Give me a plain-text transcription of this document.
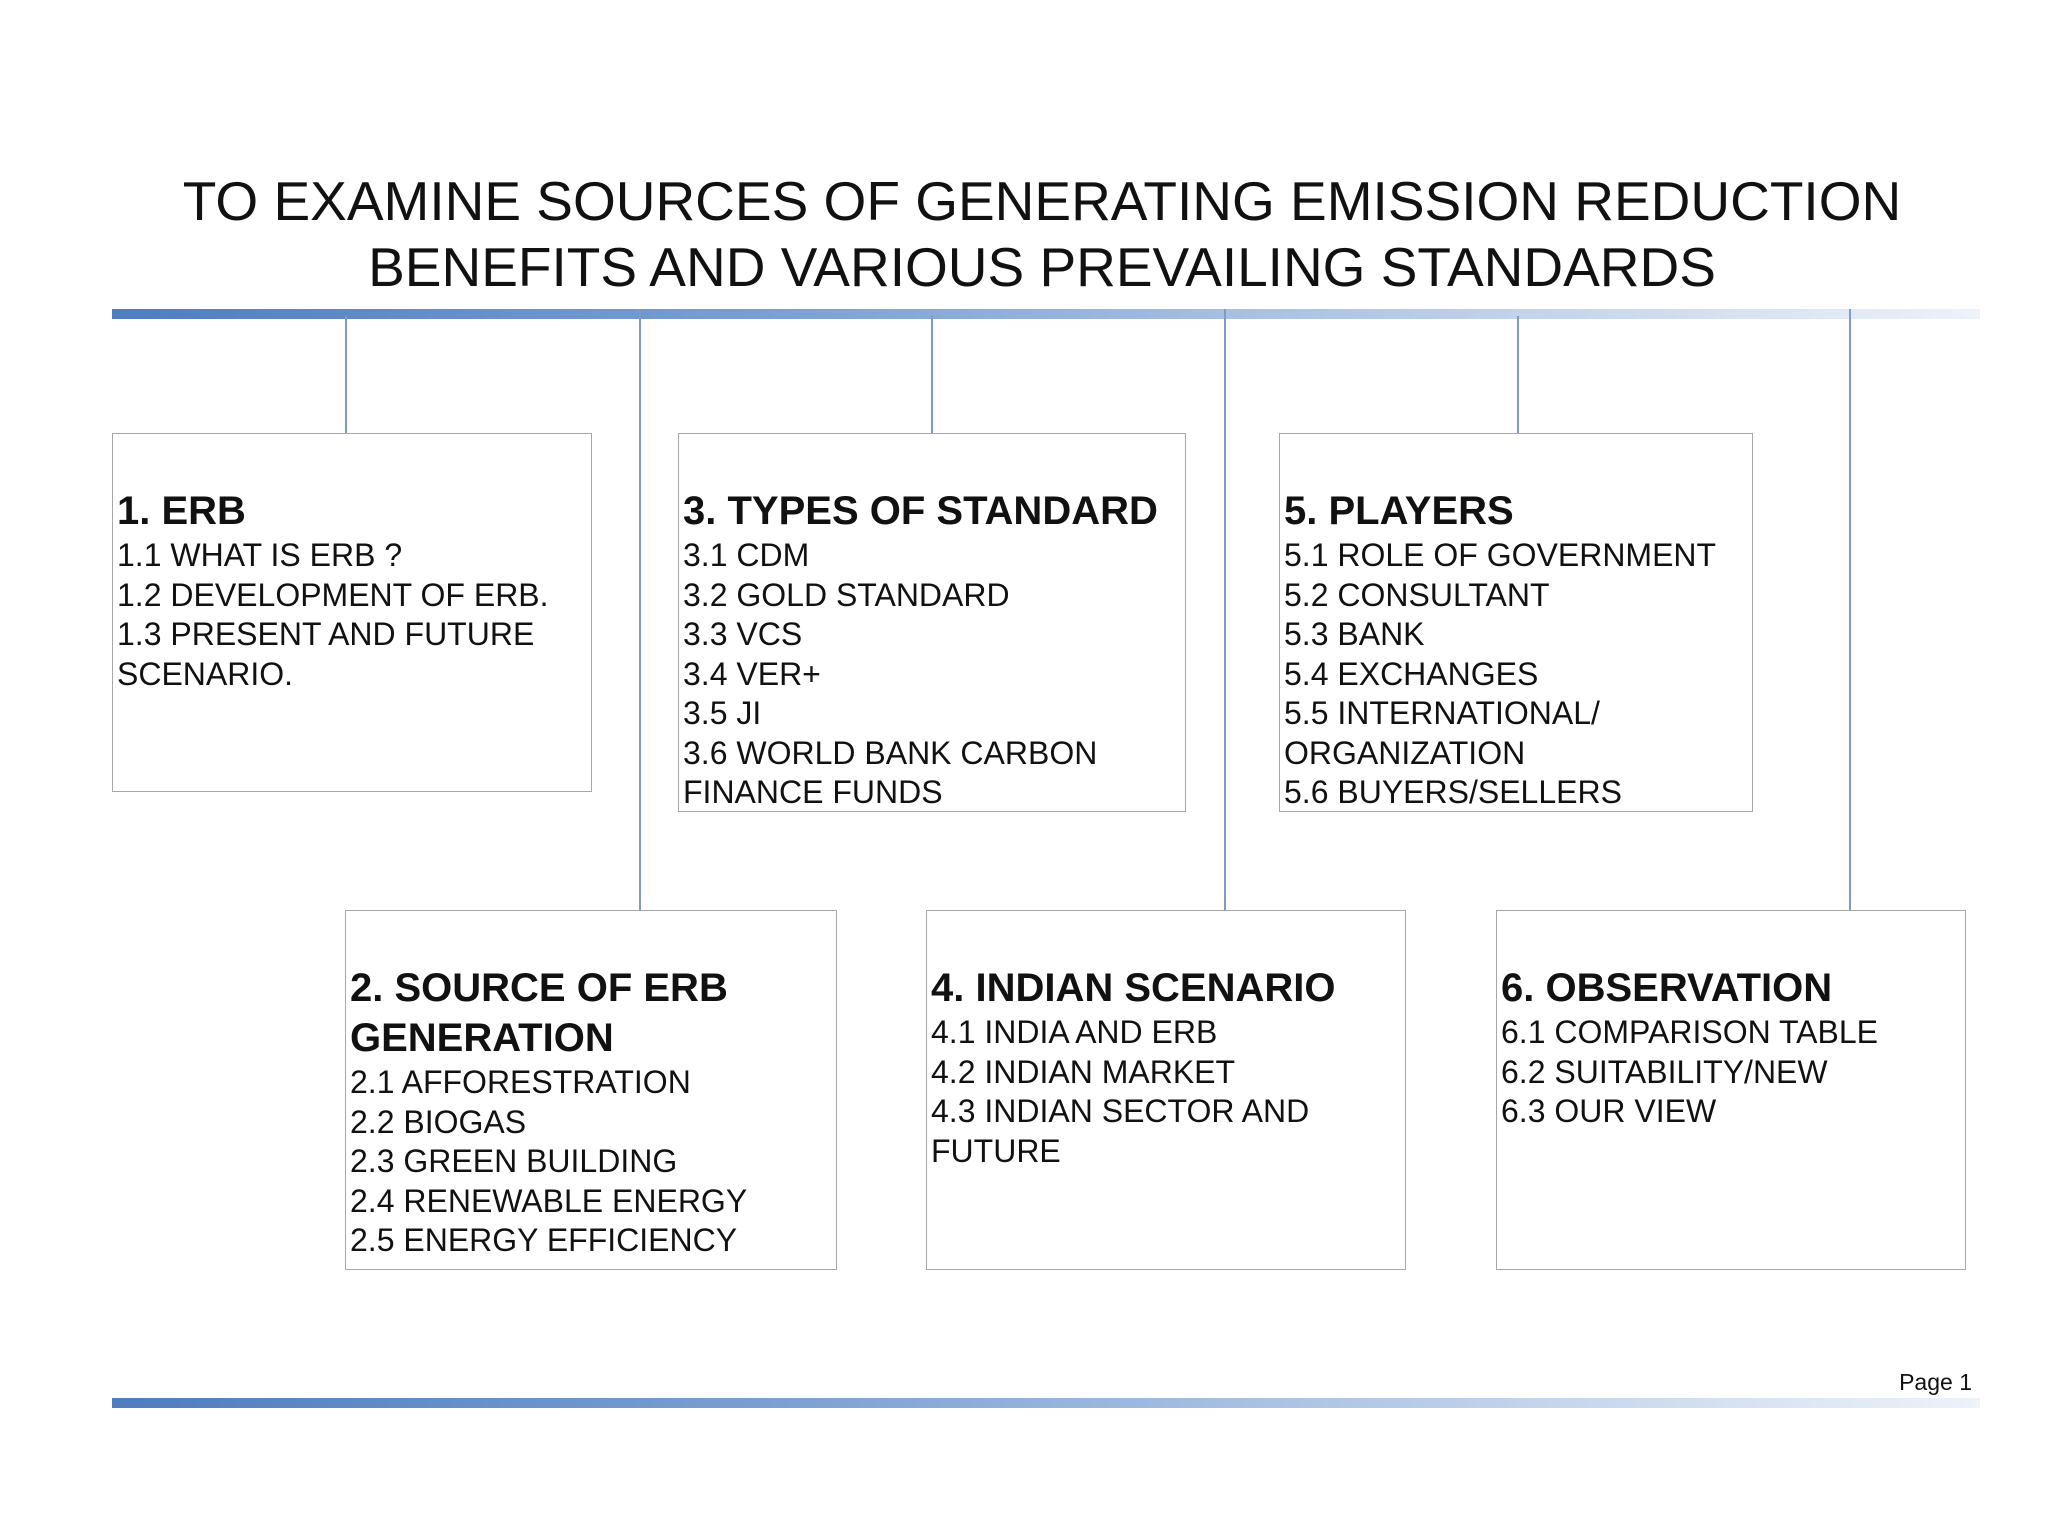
TO EXAMINE SOURCES OF GENERATING EMISSION REDUCTION
BENEFITS AND VARIOUS PREVAILING STANDARDS
1. ERB
1.1 WHAT IS ERB ?
1.2 DEVELOPMENT OF ERB.
1.3 PRESENT AND FUTURE
SCENARIO.
3. TYPES OF STANDARD
3.1 CDM
3.2 GOLD STANDARD
3.3 VCS
3.4 VER+
3.5 JI
3.6 WORLD BANK CARBON
FINANCE FUNDS
5. PLAYERS
5.1 ROLE OF GOVERNMENT
5.2 CONSULTANT
5.3 BANK
5.4 EXCHANGES
5.5 INTERNATIONAL/
ORGANIZATION
5.6 BUYERS/SELLERS
2. SOURCE OF ERB
GENERATION
2.1 AFFORESTRATION
2.2 BIOGAS
2.3 GREEN BUILDING
2.4 RENEWABLE ENERGY
2.5 ENERGY EFFICIENCY
4. INDIAN SCENARIO
4.1 INDIA AND ERB
4.2 INDIAN MARKET
4.3 INDIAN SECTOR AND
FUTURE
6. OBSERVATION
6.1 COMPARISON TABLE
6.2 SUITABILITY/NEW
6.3 OUR VIEW
Page 1
